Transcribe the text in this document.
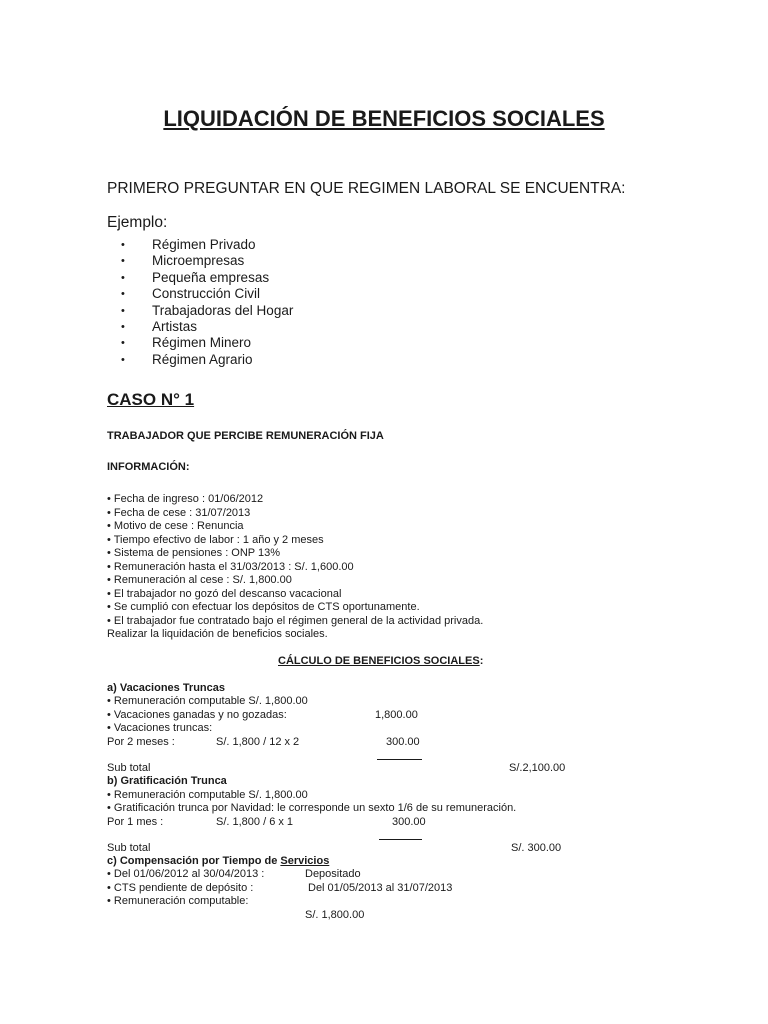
LIQUIDACIÓN DE BENEFICIOS SOCIALES
PRIMERO PREGUNTAR EN QUE REGIMEN LABORAL SE ENCUENTRA:
Ejemplo:
• Régimen Privado
• Microempresas
• Pequeña empresas
• Construcción Civil
• Trabajadoras del Hogar
• Artistas
• Régimen Minero
• Régimen Agrario
CASO N° 1
TRABAJADOR QUE PERCIBE REMUNERACIÓN FIJA
INFORMACIÓN:
• Fecha de ingreso : 01/06/2012
• Fecha de cese : 31/07/2013
• Motivo de cese : Renuncia
• Tiempo efectivo de labor : 1 año y 2 meses
• Sistema de pensiones : ONP 13%
• Remuneración hasta el 31/03/2013 : S/. 1,600.00
• Remuneración al cese : S/. 1,800.00
• El trabajador no gozó del descanso vacacional
• Se cumplió con efectuar los depósitos de CTS oportunamente.
• El trabajador fue contratado bajo el régimen general de la actividad privada.
Realizar la liquidación de beneficios sociales.
CÁLCULO DE BENEFICIOS SOCIALES:
a) Vacaciones Truncas
• Remuneración computable S/. 1,800.00
• Vacaciones ganadas y no gozadas:	1,800.00
• Vacaciones truncas:
Por 2 meses :	S/. 1,800 / 12 x 2	300.00
Sub total	S/.2,100.00
b) Gratificación Trunca
• Remuneración computable S/. 1,800.00
• Gratificación trunca por Navidad: le corresponde un sexto 1/6 de su remuneración.
Por 1 mes :	S/. 1,800 / 6 x 1	300.00
Sub total	S/. 300.00
c) Compensación por Tiempo de Servicios
• Del 01/06/2012 al 30/04/2013 :	Depositado
• CTS pendiente de depósito :	Del 01/05/2013 al 31/07/2013
• Remuneración computable:
S/. 1,800.00
